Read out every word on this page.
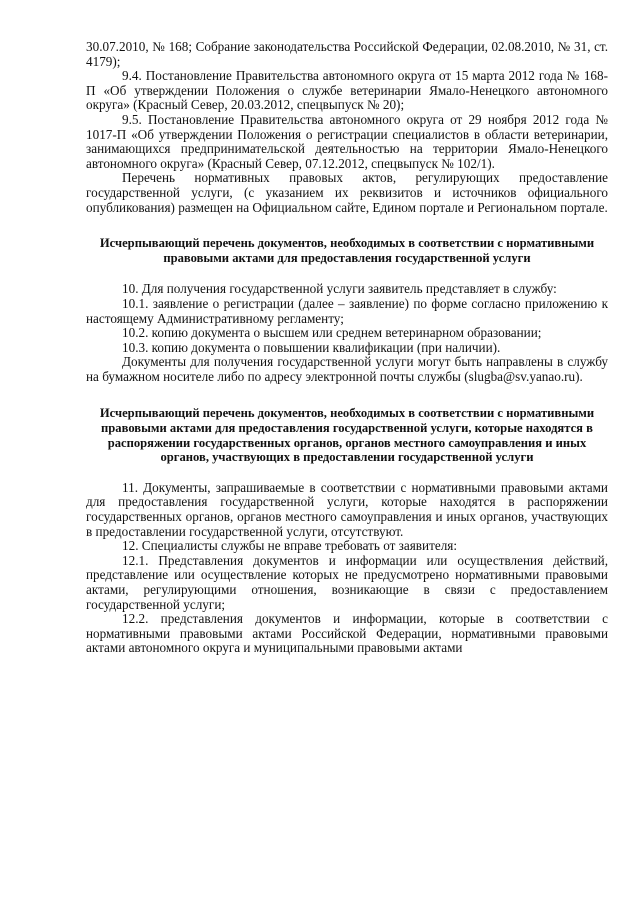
30.07.2010, № 168; Собрание законодательства Российской Федерации, 02.08.2010, № 31, ст. 4179);

9.4. Постановление Правительства автономного округа от 15 марта 2012 года № 168-П «Об утверждении Положения о службе ветеринарии Ямало-Ненецкого автономного округа» (Красный Север, 20.03.2012, спецвыпуск № 20);

9.5. Постановление Правительства автономного округа от 29 ноября 2012 года № 1017-П «Об утверждении Положения о регистрации специалистов в области ветеринарии, занимающихся предпринимательской деятельностью на территории Ямало-Ненецкого автономного округа» (Красный Север, 07.12.2012, спецвыпуск № 102/1).

Перечень нормативных правовых актов, регулирующих предоставление государственной услуги, (с указанием их реквизитов и источников официального опубликования) размещен на Официальном сайте, Едином портале и Региональном портале.

Исчерпывающий перечень документов, необходимых в соответствии с нормативными правовыми актами для предоставления государственной услуги

10. Для получения государственной услуги заявитель представляет в службу:

10.1. заявление о регистрации (далее – заявление) по форме согласно приложению к настоящему Административному регламенту;

10.2. копию документа о высшем или среднем ветеринарном образовании;

10.3. копию документа о повышении квалификации (при наличии).

Документы для получения государственной услуги могут быть направлены в службу на бумажном носителе либо по адресу электронной почты службы (slugba@sv.yanao.ru).

Исчерпывающий перечень документов, необходимых в соответствии с нормативными правовыми актами для предоставления государственной услуги, которые находятся в распоряжении государственных органов, органов местного самоуправления и иных органов, участвующих в предоставлении государственной услуги

11. Документы, запрашиваемые в соответствии с нормативными правовыми актами для предоставления государственной услуги, которые находятся в распоряжении государственных органов, органов местного самоуправления и иных органов, участвующих в предоставлении государственной услуги, отсутствуют.

12. Специалисты службы не вправе требовать от заявителя:

12.1. Представления документов и информации или осуществления действий, представление или осуществление которых не предусмотрено нормативными правовыми актами, регулирующими отношения, возникающие в связи с предоставлением государственной услуги;

12.2. представления документов и информации, которые в соответствии с нормативными правовыми актами Российской Федерации, нормативными правовыми актами автономного округа и муниципальными правовыми актами
